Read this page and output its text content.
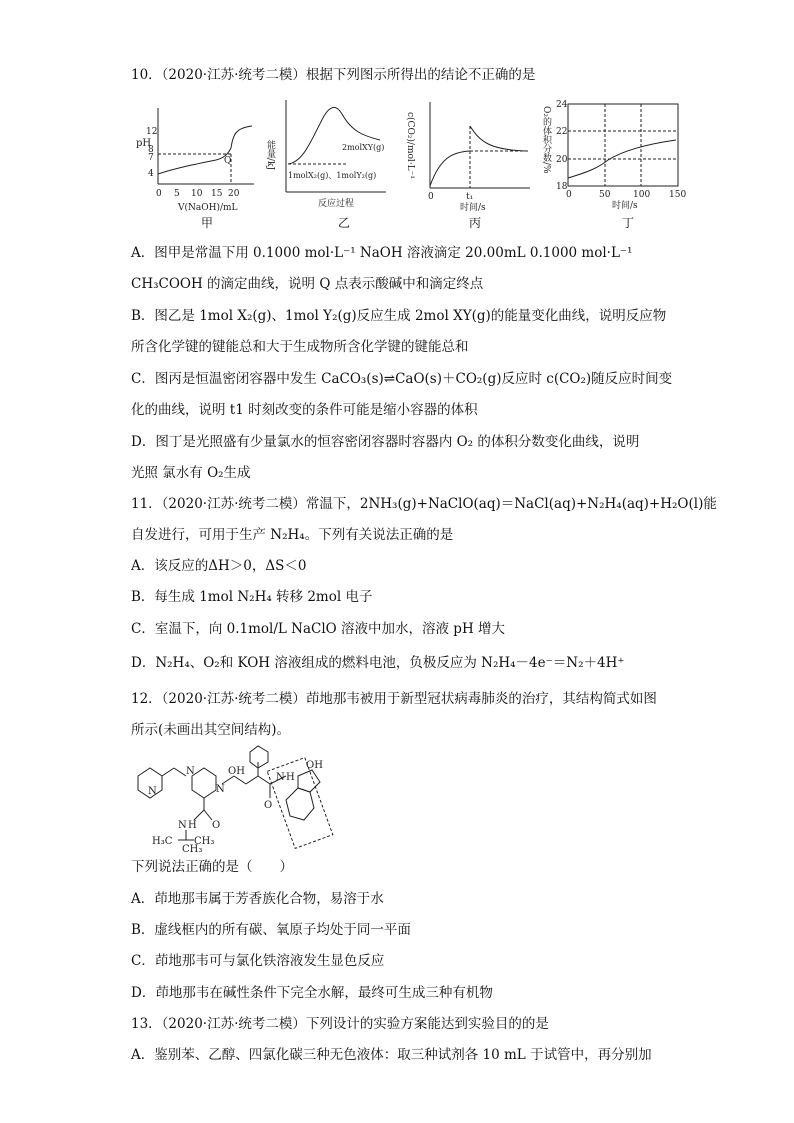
10．（2020·江苏·统考二模）根据下列图示所得出的结论不正确的是
pH
12
8
7
4
0 5 10 15 20
Q
V(NaOH)/mL
甲
能量/kJ	2molXY(g)
1molX₂(g)、1molY₂(g)
反应过程
乙
c(CO₂)/mol·L⁻¹
0	t₁
时间/s
丙
O₂的体积分数/%
24
22
20
18
0	50	100 150
时间/s
丁
A．图甲是常温下用 0.1000 mol·L⁻¹ NaOH 溶液滴定 20.00mL 0.1000 mol·L⁻¹
CH₃COOH 的滴定曲线，说明 Q 点表示酸碱中和滴定终点
B．图乙是 1mol X₂(g)、1mol Y₂(g)反应生成 2mol XY(g)的能量变化曲线，说明反应物
所含化学键的键能总和大于生成物所含化学键的键能总和
C．图丙是恒温密闭容器中发生 CaCO₃(s)⇌CaO(s)＋CO₂(g)反应时 c(CO₂)随反应时间变
化的曲线，说明 t1 时刻改变的条件可能是缩小容器的体积
D．图丁是光照盛有少量氯水的恒容密闭容器时容器内 O₂ 的体积分数变化曲线，说明
光照 氯水有 O₂生成
11．（2020·江苏·统考二模）常温下，2NH₃(g)+NaClO(aq)＝NaCl(aq)+N₂H₄(aq)+H₂O(l)能
自发进行，可用于生产 N₂H₄。下列有关说法正确的是
A．该反应的ΔH＞0，ΔS＜0
B．每生成 1mol N₂H₄ 转移 2mol 电子
C．室温下，向 0.1mol/L NaClO 溶液中加水，溶液 pH 增大
D．N₂H₄、O₂和 KOH 溶液组成的燃料电池，负极反应为 N₂H₄－4e⁻＝N₂＋4H⁺
12．（2020·江苏·统考二模）茚地那韦被用于新型冠状病毒肺炎的治疗，其结构简式如图
所示(未画出其空间结构)。
N
N
N
OH
OH
N H
O
O
N H
H₃C CH₃
CH₃
下列说法正确的是（　　）
A．茚地那韦属于芳香族化合物，易溶于水
B．虚线框内的所有碳、氧原子均处于同一平面
C．茚地那韦可与氯化铁溶液发生显色反应
D．茚地那韦在碱性条件下完全水解，最终可生成三种有机物
13．（2020·江苏·统考二模）下列设计的实验方案能达到实验目的的是
A．鉴别苯、乙醇、四氯化碳三种无色液体：取三种试剂各 10 mL 于试管中，再分别加
